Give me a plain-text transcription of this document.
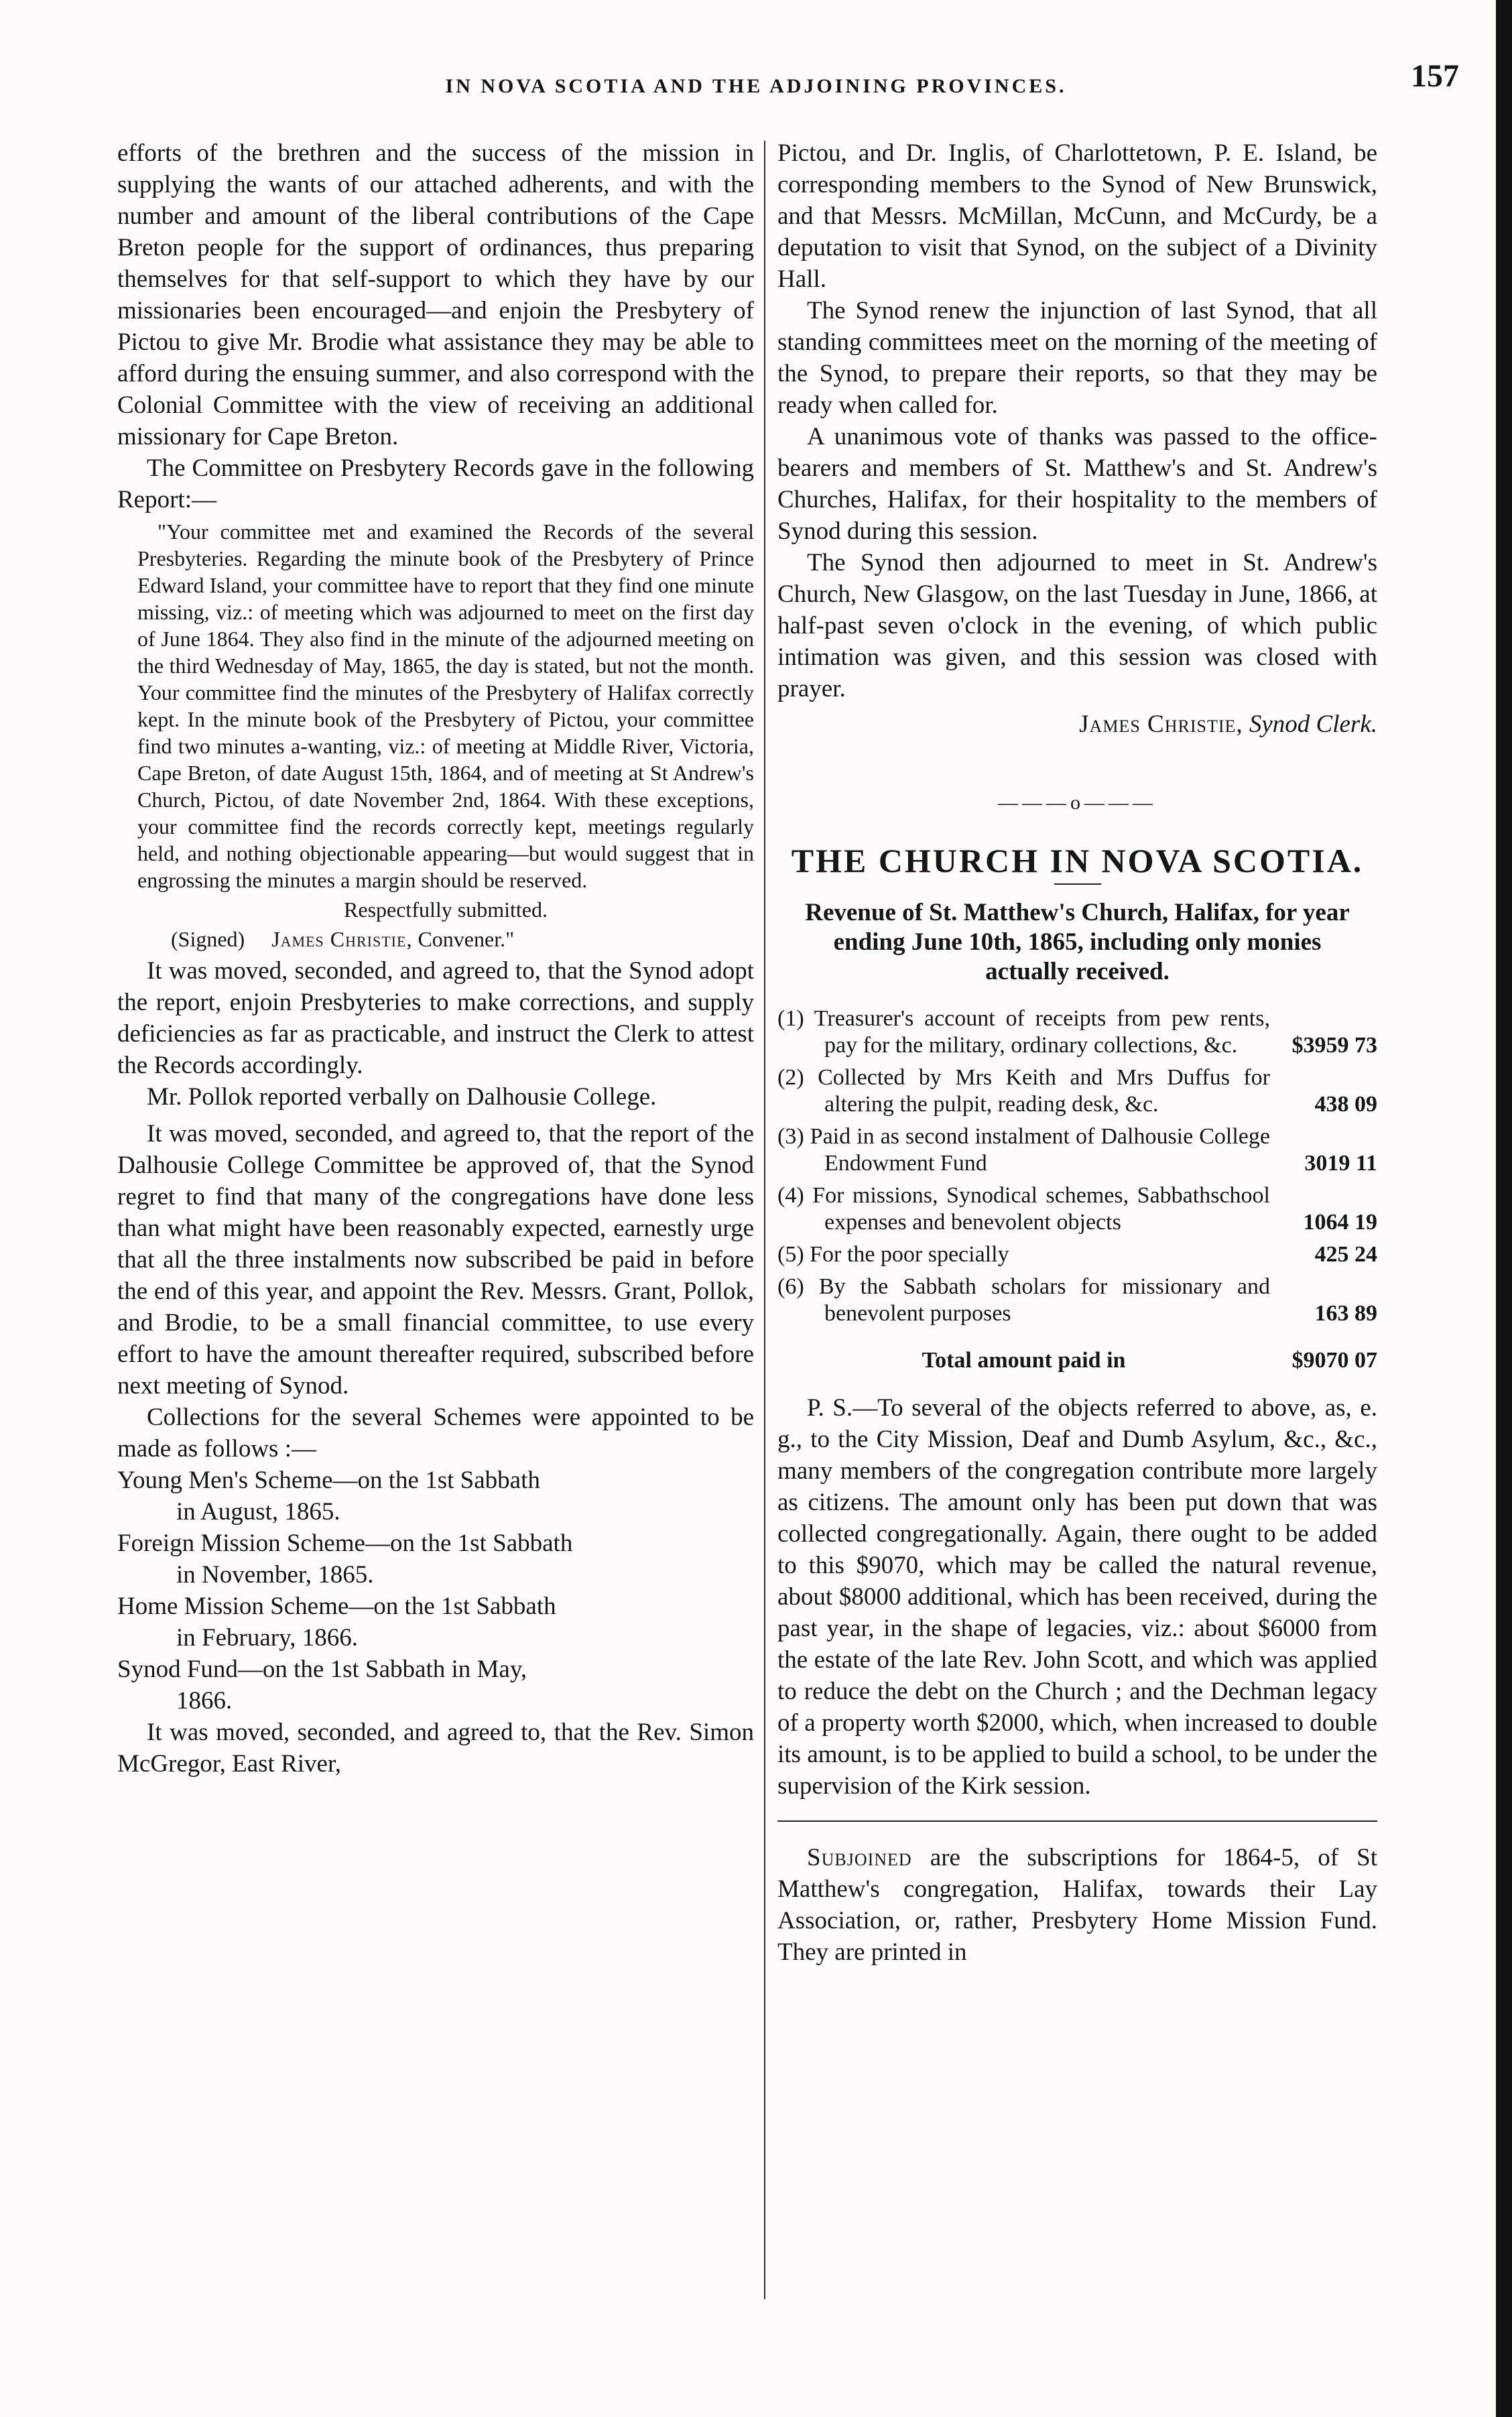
IN NOVA SCOTIA AND THE ADJOINING PROVINCES.	157

efforts of the brethren and the success of the mission in supplying the wants of our attached adherents, and with the number and amount of the liberal contributions of the Cape Breton people for the support of ordinances, thus preparing themselves for that self-support to which they have by our missionaries been encouraged—and enjoin the Presbytery of Pictou to give Mr. Brodie what assistance they may be able to afford during the ensuing summer, and also correspond with the Colonial Committee with the view of receiving an additional missionary for Cape Breton.

The Committee on Presbytery Records gave in the following Report:—

"Your committee met and examined the Records of the several Presbyteries. Regarding the minute book of the Presbytery of Prince Edward Island, your committee have to report that they find one minute missing, viz.: of meeting which was adjourned to meet on the first day of June 1864. They also find in the minute of the adjourned meeting on the third Wednesday of May, 1865, the day is stated, but not the month. Your committee find the minutes of the Presbytery of Halifax correctly kept. In the minute book of the Presbytery of Pictou, your committee find two minutes a-wanting, viz.: of meeting at Middle River, Victoria, Cape Breton, of date August 15th, 1864, and of meeting at St Andrew's Church, Pictou, of date November 2nd, 1864. With these exceptions, your committee find the records correctly kept, meetings regularly held, and nothing objectionable appearing—but would suggest that in engrossing the minutes a margin should be reserved.

Respectfully submitted.

(Signed) James Christie, Convener."

It was moved, seconded, and agreed to, that the Synod adopt the report, enjoin Presbyteries to make corrections, and supply deficiencies as far as practicable, and instruct the Clerk to attest the Records accordingly.

Mr. Pollok reported verbally on Dalhousie College.

It was moved, seconded, and agreed to, that the report of the Dalhousie College Committee be approved of, that the Synod regret to find that many of the congregations have done less than what might have been reasonably expected, earnestly urge that all the three instalments now subscribed be paid in before the end of this year, and appoint the Rev. Messrs. Grant, Pollok, and Brodie, to be a small financial committee, to use every effort to have the amount thereafter required, subscribed before next meeting of Synod.

Collections for the several Schemes were appointed to be made as follows :—

Young Men's Scheme—on the 1st Sabbath
in August, 1865.

Foreign Mission Scheme—on the 1st Sabbath
in November, 1865.

Home Mission Scheme—on the 1st Sabbath
in February, 1866.

Synod Fund—on the 1st Sabbath in May,
1866.

It was moved, seconded, and agreed to, that the Rev. Simon McGregor, East River,

Pictou, and Dr. Inglis, of Charlottetown, P. E. Island, be corresponding members to the Synod of New Brunswick, and that Messrs. McMillan, McCunn, and McCurdy, be a deputation to visit that Synod, on the subject of a Divinity Hall.

The Synod renew the injunction of last Synod, that all standing committees meet on the morning of the meeting of the Synod, to prepare their reports, so that they may be ready when called for.

A unanimous vote of thanks was passed to the office-bearers and members of St. Matthew's and St. Andrew's Churches, Halifax, for their hospitality to the members of Synod during this session.

The Synod then adjourned to meet in St. Andrew's Church, New Glasgow, on the last Tuesday in June, 1866, at half-past seven o'clock in the evening, of which public intimation was given, and this session was closed with prayer.

James Christie, Synod Clerk.

———o———
THE CHURCH IN NOVA SCOTIA.
Revenue of St. Matthew's Church, Halifax, for year ending June 10th, 1865, including only monies actually received.
(1) Treasurer's account of receipts from pew rents, pay for the military, ordinary collections, &c.	$3959 73
(2) Collected by Mrs Keith and Mrs Duffus for altering the pulpit, reading desk, &c.	438 09
(3) Paid in as second instalment of Dalhousie College Endowment Fund	3019 11
(4) For missions, Synodical schemes, Sabbathschool expenses and benevolent objects	1064 19
(5) For the poor specially	425 24
(6) By the Sabbath scholars for missionary and benevolent purposes	163 89
Total amount paid in	$9070 07

P. S.—To several of the objects referred to above, as, e. g., to the City Mission, Deaf and Dumb Asylum, &c., &c., many members of the congregation contribute more largely as citizens. The amount only has been put down that was collected congregationally. Again, there ought to be added to this $9070, which may be called the natural revenue, about $8000 additional, which has been received, during the past year, in the shape of legacies, viz.: about $6000 from the estate of the late Rev. John Scott, and which was applied to reduce the debt on the Church ; and the Dechman legacy of a property worth $2000, which, when increased to double its amount, is to be applied to build a school, to be under the supervision of the Kirk session.

Subjoined are the subscriptions for 1864-5, of St Matthew's congregation, Halifax, towards their Lay Association, or, rather, Presbytery Home Mission Fund. They are printed in
